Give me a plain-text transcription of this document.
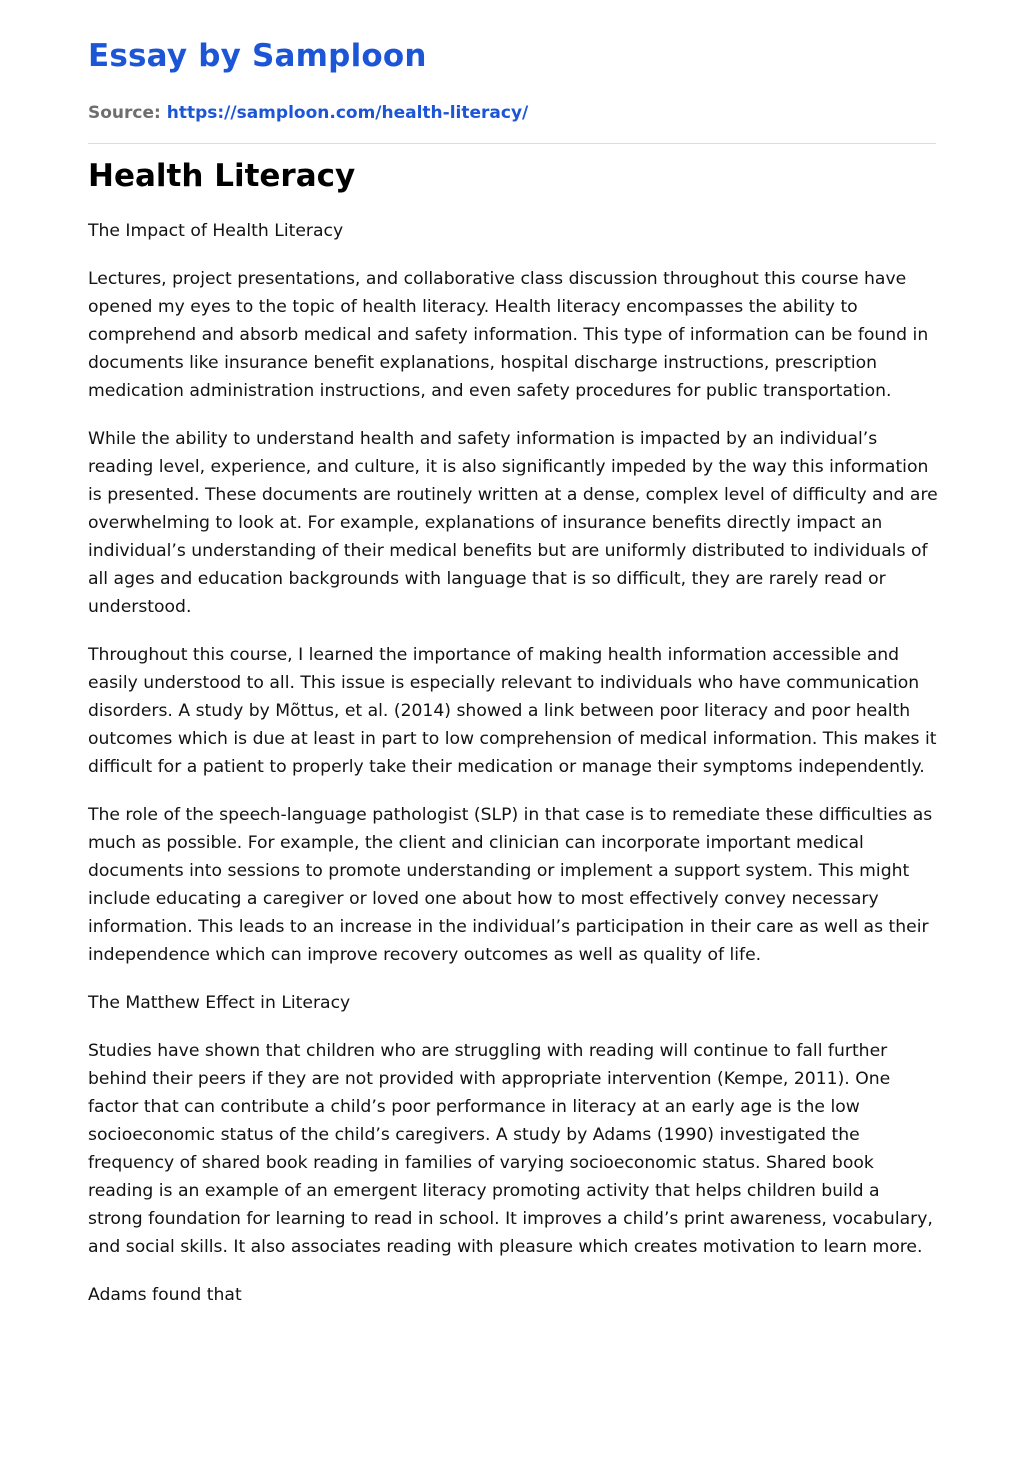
Essay by Samploon
Source: https://samploon.com/health-literacy/
Health Literacy

The Impact of Health Literacy

Lectures, project presentations, and collaborative class discussion throughout this course have opened my eyes to the topic of health literacy. Health literacy encompasses the ability to comprehend and absorb medical and safety information. This type of information can be found in documents like insurance benefit explanations, hospital discharge instructions, prescription medication administration instructions, and even safety procedures for public transportation.

While the ability to understand health and safety information is impacted by an individual’s reading level, experience, and culture, it is also significantly impeded by the way this information is presented. These documents are routinely written at a dense, complex level of difficulty and are overwhelming to look at. For example, explanations of insurance benefits directly impact an individual’s understanding of their medical benefits but are uniformly distributed to individuals of all ages and education backgrounds with language that is so difficult, they are rarely read or understood.

Throughout this course, I learned the importance of making health information accessible and easily understood to all. This issue is especially relevant to individuals who have communication disorders. A study by Mõttus, et al. (2014) showed a link between poor literacy and poor health outcomes which is due at least in part to low comprehension of medical information. This makes it difficult for a patient to properly take their medication or manage their symptoms independently.

The role of the speech-language pathologist (SLP) in that case is to remediate these difficulties as much as possible. For example, the client and clinician can incorporate important medical documents into sessions to promote understanding or implement a support system. This might include educating a caregiver or loved one about how to most effectively convey necessary information. This leads to an increase in the individual’s participation in their care as well as their independence which can improve recovery outcomes as well as quality of life.

The Matthew Effect in Literacy

Studies have shown that children who are struggling with reading will continue to fall further behind their peers if they are not provided with appropriate intervention (Kempe, 2011). One factor that can contribute a child’s poor performance in literacy at an early age is the low socioeconomic status of the child’s caregivers. A study by Adams (1990) investigated the frequency of shared book reading in families of varying socioeconomic status. Shared book reading is an example of an emergent literacy promoting activity that helps children build a strong foundation for learning to read in school. It improves a child’s print awareness, vocabulary, and social skills. It also associates reading with pleasure which creates motivation to learn more.

Adams found that
